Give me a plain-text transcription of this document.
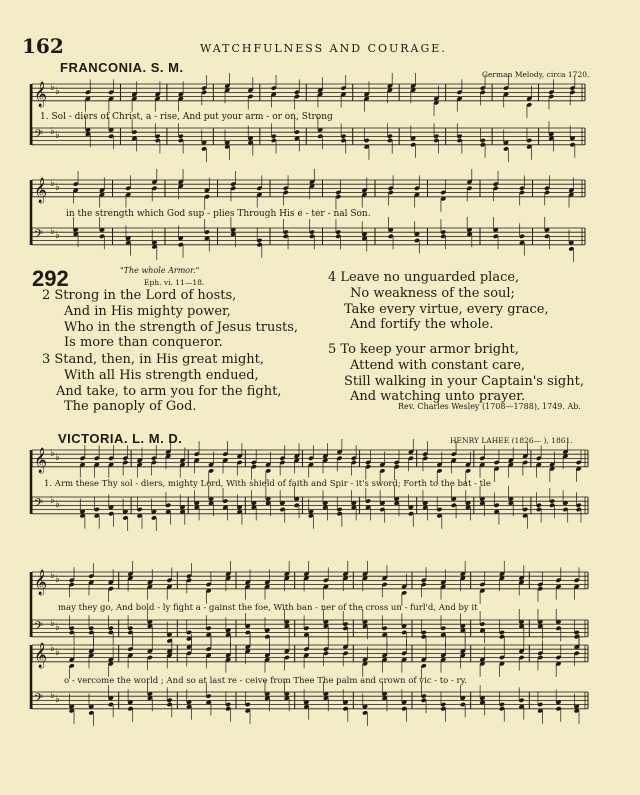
162	WATCHFULNESS AND COURAGE.
FRANCONIA. S. M.	German Melody, circa 1720.
VICTORIA. L. M. D.	HENRY LAHEE (1826— ), 1861.
𝄞
𝄢
♭ ♭
♭ ♭
𝄞
𝄢
♭ ♭
♭ ♭
𝄞
𝄢
♭ ♭
♭ ♭
𝄞
𝄢
♭ ♭
♭ ♭
𝄞
𝄢
♭ ♭
♭ ♭
1. Sol - diers of Christ, a - rise, And put your arm - or on, Strong
in the strength which God sup - plies Through His e - ter - nal Son.
1. Arm these Thy sol - diers, mighty Lord, With shield of faith and Spir - it's sword; Forth to the bat - tle
may they go, And bold - ly fight a - gainst the foe, With ban - ner of the cross un - furl'd, And by it
o - vercome the world ; And so at last re - ceive from Thee The palm and crown of vic - to - ry.
292	"The whole Armor."
Eph. vi. 11—18.
2 Strong in the Lord of hosts,
And in His mighty power,
Who in the strength of Jesus trusts,
Is more than conqueror.
3 Stand, then, in His great might,
With all His strength endued,
And take, to arm you for the fight,
The panoply of God.
4 Leave no unguarded place,
No weakness of the soul;
Take every virtue, every grace,
And fortify the whole.
5 To keep your armor bright,
Attend with constant care,
Still walking in your Captain's sight,
And watching unto prayer.
Rev. Charles Wesley (1708—1788), 1749. Ab.
